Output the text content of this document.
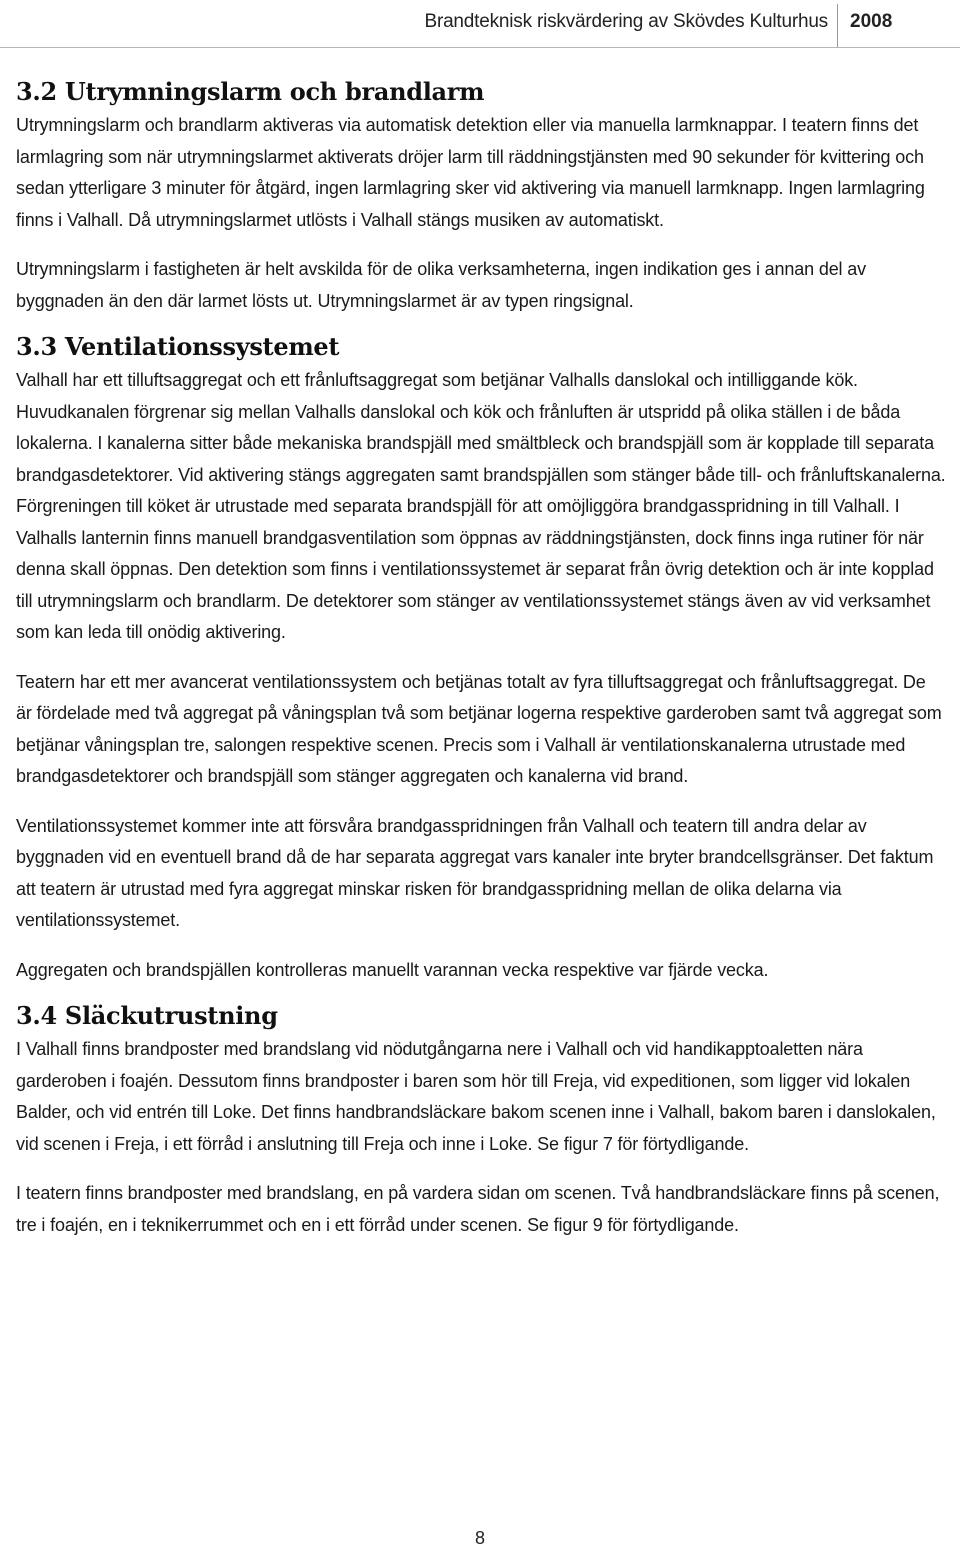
Brandteknisk riskvärdering av Skövdes Kulturhus 2008
3.2 Utrymningslarm och brandlarm

Utrymningslarm och brandlarm aktiveras via automatisk detektion eller via manuella larmknappar. I teatern finns det larmlagring som när utrymningslarmet aktiverats dröjer larm till räddningstjänsten med 90 sekunder för kvittering och sedan ytterligare 3 minuter för åtgärd, ingen larmlagring sker vid aktivering via manuell larmknapp. Ingen larmlagring finns i Valhall. Då utrymningslarmet utlösts i Valhall stängs musiken av automatiskt.

Utrymningslarm i fastigheten är helt avskilda för de olika verksamheterna, ingen indikation ges i annan del av byggnaden än den där larmet lösts ut. Utrymningslarmet är av typen ringsignal.

3.3 Ventilationssystemet

Valhall har ett tilluftsaggregat och ett frånluftsaggregat som betjänar Valhalls danslokal och intilliggande kök. Huvudkanalen förgrenar sig mellan Valhalls danslokal och kök och frånluften är utspridd på olika ställen i de båda lokalerna. I kanalerna sitter både mekaniska brandspjäll med smältbleck och brandspjäll som är kopplade till separata brandgasdetektorer. Vid aktivering stängs aggregaten samt brandspjällen som stänger både till- och frånluftskanalerna. Förgreningen till köket är utrustade med separata brandspjäll för att omöjliggöra brandgasspridning in till Valhall. I Valhalls lanternin finns manuell brandgasventilation som öppnas av räddningstjänsten, dock finns inga rutiner för när denna skall öppnas. Den detektion som finns i ventilationssystemet är separat från övrig detektion och är inte kopplad till utrymningslarm och brandlarm. De detektorer som stänger av ventilationssystemet stängs även av vid verksamhet som kan leda till onödig aktivering.

Teatern har ett mer avancerat ventilationssystem och betjänas totalt av fyra tilluftsaggregat och frånluftsaggregat. De är fördelade med två aggregat på våningsplan två som betjänar logerna respektive garderoben samt två aggregat som betjänar våningsplan tre, salongen respektive scenen. Precis som i Valhall är ventilationskanalerna utrustade med brandgasdetektorer och brandspjäll som stänger aggregaten och kanalerna vid brand.

Ventilationssystemet kommer inte att försvåra brandgasspridningen från Valhall och teatern till andra delar av byggnaden vid en eventuell brand då de har separata aggregat vars kanaler inte bryter brandcellsgränser. Det faktum att teatern är utrustad med fyra aggregat minskar risken för brandgasspridning mellan de olika delarna via ventilationssystemet.

Aggregaten och brandspjällen kontrolleras manuellt varannan vecka respektive var fjärde vecka.

3.4 Släckutrustning

I Valhall finns brandposter med brandslang vid nödutgångarna nere i Valhall och vid handikapptoaletten nära garderoben i foajén. Dessutom finns brandposter i baren som hör till Freja, vid expeditionen, som ligger vid lokalen Balder, och vid entrén till Loke. Det finns handbrandsläckare bakom scenen inne i Valhall, bakom baren i danslokalen, vid scenen i Freja, i ett förråd i anslutning till Freja och inne i Loke. Se figur 7 för förtydligande.

I teatern finns brandposter med brandslang, en på vardera sidan om scenen. Två handbrandsläckare finns på scenen, tre i foajén, en i teknikerrummet och en i ett förråd under scenen. Se figur 9 för förtydligande.

8
